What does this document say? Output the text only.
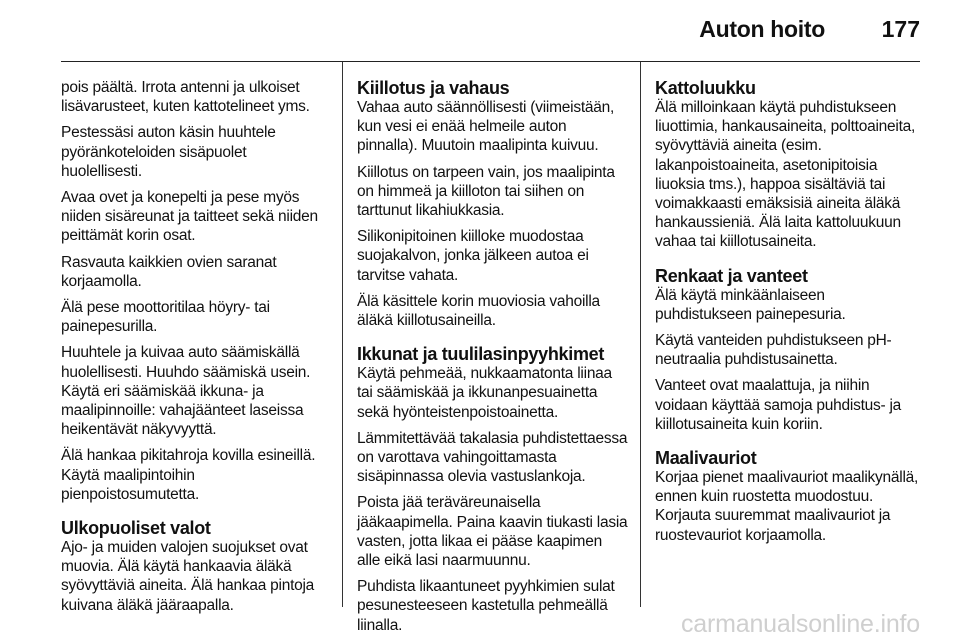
Auton hoito 177

pois päältä. Irrota antenni ja ulkoiset lisävarusteet, kuten kattotelineet yms.

Pestessäsi auton käsin huuhtele pyöränkoteloiden sisäpuolet huolellisesti.

Avaa ovet ja konepelti ja pese myös niiden sisäreunat ja taitteet sekä niiden peittämät korin osat.

Rasvauta kaikkien ovien saranat korjaamolla.

Älä pese moottoritilaa höyry- tai painepesurilla.

Huuhtele ja kuivaa auto säämiskällä huolellisesti. Huuhdo säämiskä usein. Käytä eri säämiskää ikkuna- ja maalipinnoille: vahajäänteet laseissa heikentävät näkyvyyttä.

Älä hankaa pikitahroja kovilla esineillä. Käytä maalipintoihin pienpoistosumutetta.

Ulkopuoliset valot

Ajo- ja muiden valojen suojukset ovat muovia. Älä käytä hankaavia äläkä syövyttäviä aineita. Älä hankaa pintoja kuivana äläkä jääraapalla.

Kiillotus ja vahaus

Vahaa auto säännöllisesti (viimeistään, kun vesi ei enää helmeile auton pinnalla). Muutoin maalipinta kuivuu.

Kiillotus on tarpeen vain, jos maalipinta on himmeä ja kiilloton tai siihen on tarttunut likahiukkasia.

Silikonipitoinen kiilloke muodostaa suojakalvon, jonka jälkeen autoa ei tarvitse vahata.

Älä käsittele korin muoviosia vahoilla äläkä kiillotusaineilla.

Ikkunat ja tuulilasinpyyhkimet

Käytä pehmeää, nukkaamatonta liinaa tai säämiskää ja ikkunanpesuainetta sekä hyönteistenpoistoainetta.

Lämmitettävää takalasia puhdistettaessa on varottava vahingoittamasta sisäpinnassa olevia vastuslankoja.

Poista jää teräväreunaisella jääkaapimella. Paina kaavin tiukasti lasia vasten, jotta likaa ei pääse kaapimen alle eikä lasi naarmuunnu.

Puhdista likaantuneet pyyhkimien sulat pesunesteeseen kastetulla pehmeällä liinalla.

Kattoluukku

Älä milloinkaan käytä puhdistukseen liuottimia, hankausaineita, polttoaineita, syövyttäviä aineita (esim. lakanpoistoaineita, asetonipitoisia liuoksia tms.), happoa sisältäviä tai voimakkaasti emäksisiä aineita äläkä hankaussieniä. Älä laita kattoluukuun vahaa tai kiillotusaineita.

Renkaat ja vanteet

Älä käytä minkäänlaiseen puhdistukseen painepesuria.

Käytä vanteiden puhdistukseen pH-neutraalia puhdistusainetta.

Vanteet ovat maalattuja, ja niihin voidaan käyttää samoja puhdistus- ja kiillotusaineita kuin koriin.

Maalivauriot

Korjaa pienet maalivauriot maalikynällä, ennen kuin ruostetta muodostuu. Korjauta suuremmat maalivauriot ja ruostevauriot korjaamolla.

carmanualsonline.info
